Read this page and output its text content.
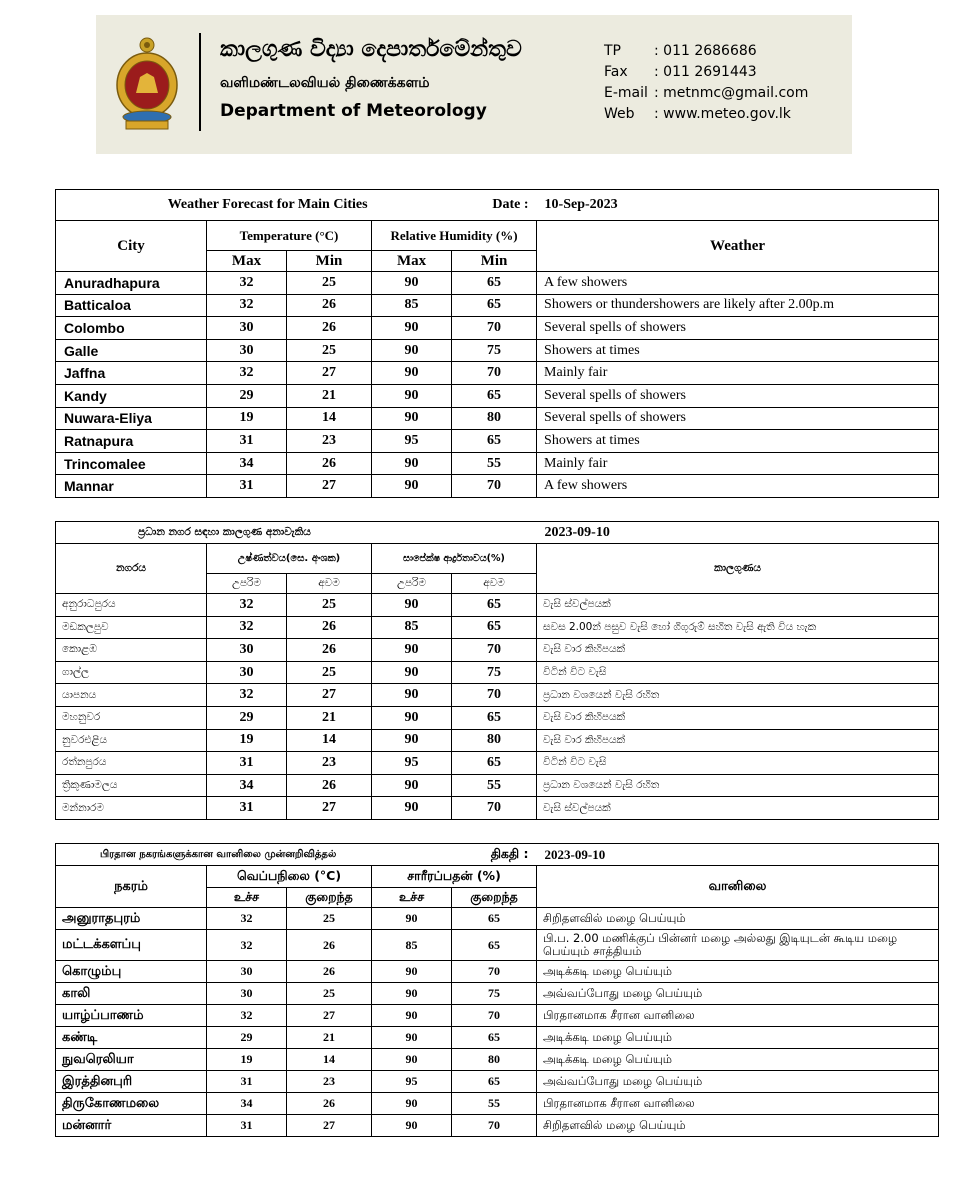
කාලගුණ විද්‍යා දෙපාර්තමේන්තුව
வளிமண்டலவியல் திணைக்களம்
Department of Meteorology
TP : 011 2686686
Fax : 011 2691443
E-mail : metnmc@gmail.com
Web : www.meteo.gov.lk
Weather Forecast for Main Cities			Date :		10-Sep-2023
City	Temperature (°C)		Relative Humidity (%)		Weather
	Max	Min	Max	Min	
Anuradhapura	32	25	90	65	A few showers
Batticaloa	32	26	85	65	Showers or thundershowers are likely after 2.00p.m
Colombo	30	26	90	70	Several spells of showers
Galle	30	25	90	75	Showers at times
Jaffna	32	27	90	70	Mainly fair
Kandy	29	21	90	65	Several spells of showers
Nuwara-Eliya	19	14	90	80	Several spells of showers
Ratnapura	31	23	95	65	Showers at times
Trincomalee	34	26	90	55	Mainly fair
Mannar	31	27	90	70	A few showers
ප්‍රධාන නගර සඳහා කාලගුණ අනාවැකිය					2023-09-10
නගරය	උෂ්ණත්වය(සෙ. අංශක)		සාපේක්ෂ ආර්ද්‍රතාවය(%)		කාලගුණය
	උපරිම	අවම	උපරිම	අවම	
අනුරාධපුරය	32	25	90	65	වැසි ස්වල්පයක්
මඩකලපුව	32	26	85	65	සවස 2.00න් පසුව වැසි හෝ ගිගුරුම් සහිත වැසි ඇති විය හැක
කොළඹ	30	26	90	70	වැසි වාර කිහිපයක්
ගාල්ල	30	25	90	75	විටින් විට වැසි
යාපනය	32	27	90	70	ප්‍රධාන වශයෙන් වැසි රහිත
මහනුවර	29	21	90	65	වැසි වාර කිහිපයක්
නුවරඑළිය	19	14	90	80	වැසි වාර කිහිපයක්
රත්නපුරය	31	23	95	65	විටින් විට වැසි
ත්‍රිකුණාමලය	34	26	90	55	ප්‍රධාන වශයෙන් වැසි රහිත
මන්නාරම	31	27	90	70	වැසි ස්වල්පයක්
பிரதான நகரங்களுக்கான வானிலை முன்னறிவித்தல்			திகதி :		2023-09-10
நகரம்	வெப்பநிலை (°C)		சாரீரப்பதன் (%)		வானிலை
	உச்ச	குறைந்த	உச்ச	குறைந்த	
அனுராதபுரம்	32	25	90	65	சிறிதளவில் மழை பெய்யும்
மட்டக்களப்பு	32	26	85	65	பி.ப. 2.00 மணிக்குப் பின்னர் மழை அல்லது இடியுடன் கூடிய மழை பெய்யும் சாத்தியம்
கொழும்பு	30	26	90	70	அடிக்கடி மழை பெய்யும்
காலி	30	25	90	75	அவ்வப்போது மழை பெய்யும்
யாழ்ப்பாணம்	32	27	90	70	பிரதானமாக சீரான வானிலை
கண்டி	29	21	90	65	அடிக்கடி மழை பெய்யும்
நுவரெலியா	19	14	90	80	அடிக்கடி மழை பெய்யும்
இரத்தினபுரி	31	23	95	65	அவ்வப்போது மழை பெய்யும்
திருகோணமலை	34	26	90	55	பிரதானமாக சீரான வானிலை
மன்னார்	31	27	90	70	சிறிதளவில் மழை பெய்யும்
